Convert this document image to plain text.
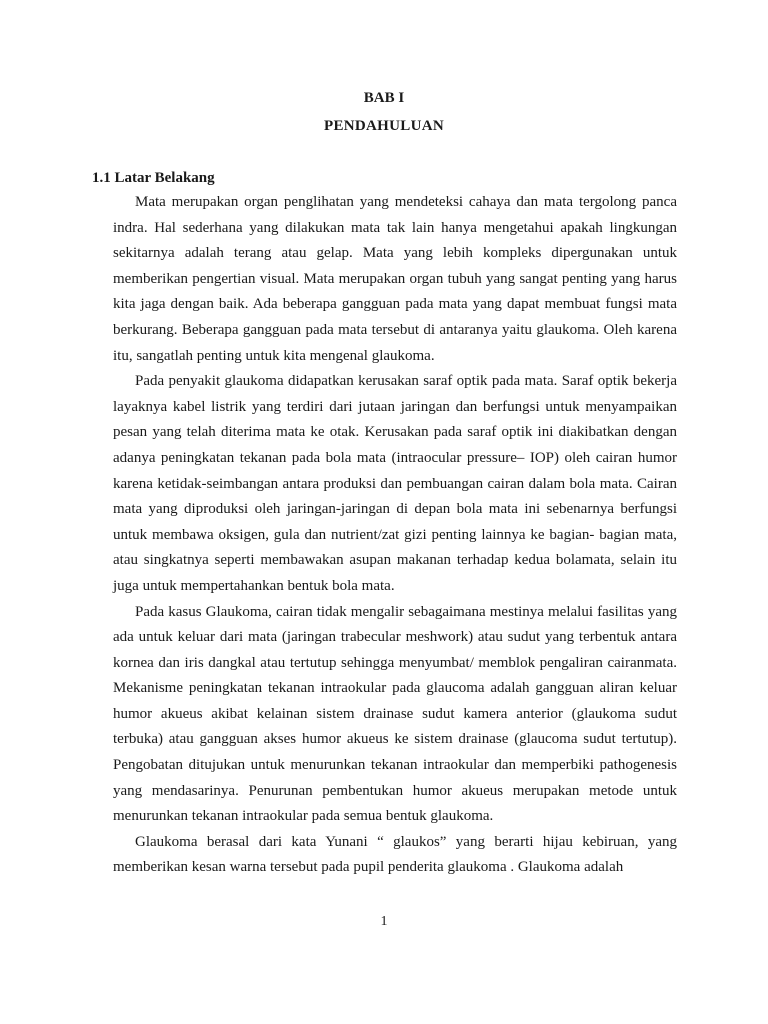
BAB I
PENDAHULUAN
1.1 Latar Belakang

Mata merupakan organ penglihatan yang mendeteksi cahaya dan mata tergolong panca indra. Hal sederhana yang dilakukan mata tak lain hanya mengetahui apakah lingkungan sekitarnya adalah terang atau gelap. Mata yang lebih kompleks dipergunakan untuk memberikan pengertian visual. Mata merupakan organ tubuh yang sangat penting yang harus kita jaga dengan baik. Ada beberapa gangguan pada mata yang dapat membuat fungsi mata berkurang. Beberapa gangguan pada mata tersebut di antaranya yaitu glaukoma. Oleh karena itu, sangatlah penting untuk kita mengenal glaukoma.

Pada penyakit glaukoma didapatkan kerusakan saraf optik pada mata. Saraf optik bekerja layaknya kabel listrik yang terdiri dari jutaan jaringan dan berfungsi untuk menyampaikan pesan yang telah diterima mata ke otak. Kerusakan pada saraf optik ini diakibatkan dengan adanya peningkatan tekanan pada bola mata (intraocular pressure– IOP) oleh cairan humor karena ketidak-seimbangan antara produksi dan pembuangan cairan dalam bola mata. Cairan mata yang diproduksi oleh jaringan-jaringan di depan bola mata ini sebenarnya berfungsi untuk membawa oksigen, gula dan nutrient/zat gizi penting lainnya ke bagian- bagian mata, atau singkatnya seperti membawakan asupan makanan terhadap kedua bolamata, selain itu juga untuk mempertahankan bentuk bola mata.

Pada kasus Glaukoma, cairan tidak mengalir sebagaimana mestinya melalui fasilitas yang ada untuk keluar dari mata (jaringan trabecular meshwork) atau sudut yang terbentuk antara kornea dan iris dangkal atau tertutup sehingga menyumbat/ memblok pengaliran cairanmata. Mekanisme peningkatan tekanan intraokular pada glaucoma adalah gangguan aliran keluar humor akueus akibat kelainan sistem drainase sudut kamera anterior (glaukoma sudut terbuka) atau gangguan akses humor akueus ke sistem drainase (glaucoma sudut tertutup). Pengobatan ditujukan untuk menurunkan tekanan intraokular dan memperbiki pathogenesis yang mendasarinya. Penurunan pembentukan humor akueus merupakan metode untuk menurunkan tekanan intraokular pada semua bentuk glaukoma.

Glaukoma berasal dari kata Yunani “ glaukos” yang berarti hijau kebiruan, yang memberikan kesan warna tersebut pada pupil penderita glaukoma . Glaukoma adalah

1
